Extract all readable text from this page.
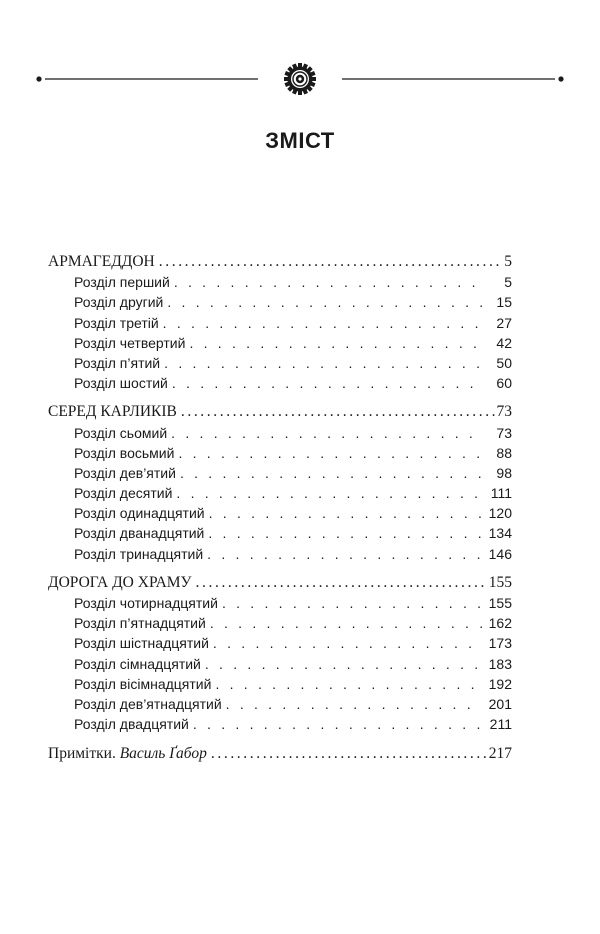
ЗМІСТ
АРМАГЕДДОН .....	5
Розділ перший . . .	5
Розділ другий . . .	15
Розділ третій . . .	27
Розділ четвертий . . .	42
Розділ п’ятий . . .	50
Розділ шостий . . .	60
СЕРЕД КАРЛИКІВ .....	73
Розділ сьомий . . .	73
Розділ восьмий . . .	88
Розділ дев’ятий . . .	98
Розділ десятий . . .	111
Розділ одинадцятий . . .	120
Розділ дванадцятий . . .	134
Розділ тринадцятий . . .	146
ДОРОГА ДО ХРАМУ .....	155
Розділ чотирнадцятий . . .	155
Розділ п’ятнадцятий . . .	162
Розділ шістнадцятий . . .	173
Розділ сімнадцятий . . .	183
Розділ вісімнадцятий . . .	192
Розділ дев’ятнадцятий . . .	201
Розділ двадцятий . . .	211
Примітки. Василь Ґабор .....	217
